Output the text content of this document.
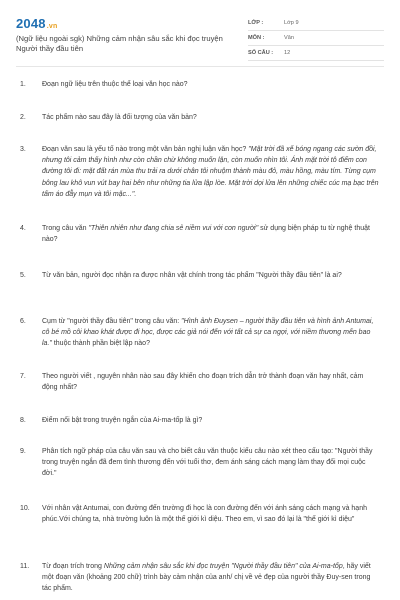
2048.vn
(Ngữ liệu ngoài sgk) Những cảm nhận sâu sắc khi đọc truyện Người thầy đầu tiên
LỚP :	Lớp 9
MÔN :	Văn
SỐ CÂU :	12
1.	Đoạn ngữ liệu trên thuộc thể loại văn học nào?
2.	Tác phẩm nào sau đây là đối tượng của văn bản?
3.	Đoạn văn sau là yếu tố nào trong một văn bản nghị luận văn học? "Mặt trời đã xế bóng ngang các sườn đồi, nhưng tôi cảm thấy hình như còn chần chừ không muốn lặn, còn muốn nhìn tôi. Ánh mặt trời tô điểm con đường tôi đi: mặt đất rán mùa thu trải ra dưới chân tôi nhuộm thành màu đỏ, màu hồng, màu tím. Từng cụm bông lau khô vun vút bay hai bên như những tia lửa lập lòe. Mặt trời dọi lửa lên những chiếc cúc mạ bạc trên tấm áo đẫy mụn và tôi mặc...".
4.	Trong câu văn "Thiên nhiên như đang chia sẻ niềm vui với con người" sử dụng biện pháp tu từ nghệ thuật nào?
5.	Từ văn bản, người đọc nhận ra được nhân vật chính trong tác phẩm "Người thầy đầu tiên" là ai?
6.	Cụm từ "người thầy đầu tiên" trong câu văn: "Hình ảnh Đuysen – người thầy đầu tiên và hình ảnh Antumai, cô bé mồ côi khao khát được đi học, được các giả nói đến với tất cả sự ca ngợi, với niềm thương mến bao la." thuộc thành phần biệt lập nào?
7.	Theo người viết , nguyên nhân nào sau đây khiến cho đoạn trích dẫn trở thành đoạn văn hay nhất, cảm động nhất?
8.	Điểm nổi bật trong truyện ngắn của Ai-ma-tốp là gì?
9.	Phân tích ngữ pháp của câu văn sau và cho biết câu văn thuộc kiểu câu nào xét theo cấu tạo: "Người thầy trong truyện ngắn đã đem tình thương đến với tuổi thơ, đem ánh sáng cách mạng làm thay đổi mọi cuộc đời."
10.	Với nhân vật Antumai, con đường đến trường đi học là con đường đến với ánh sáng cách mạng và hạnh phúc.Với chúng ta, nhà trường luôn là một thế giới kì diệu. Theo em, vì sao đó lại là "thế giới kì diệu"
11.	Từ đoạn trích trong Những cảm nhận sâu sắc khi đọc truyện "Người thầy đầu tiên" của Ai-ma-tốp, hãy viết một đoạn văn (khoảng 200 chữ) trình bày cảm nhận của anh/ chị về vẻ đẹp của người thầy Đuy-sen trong tác phẩm.
